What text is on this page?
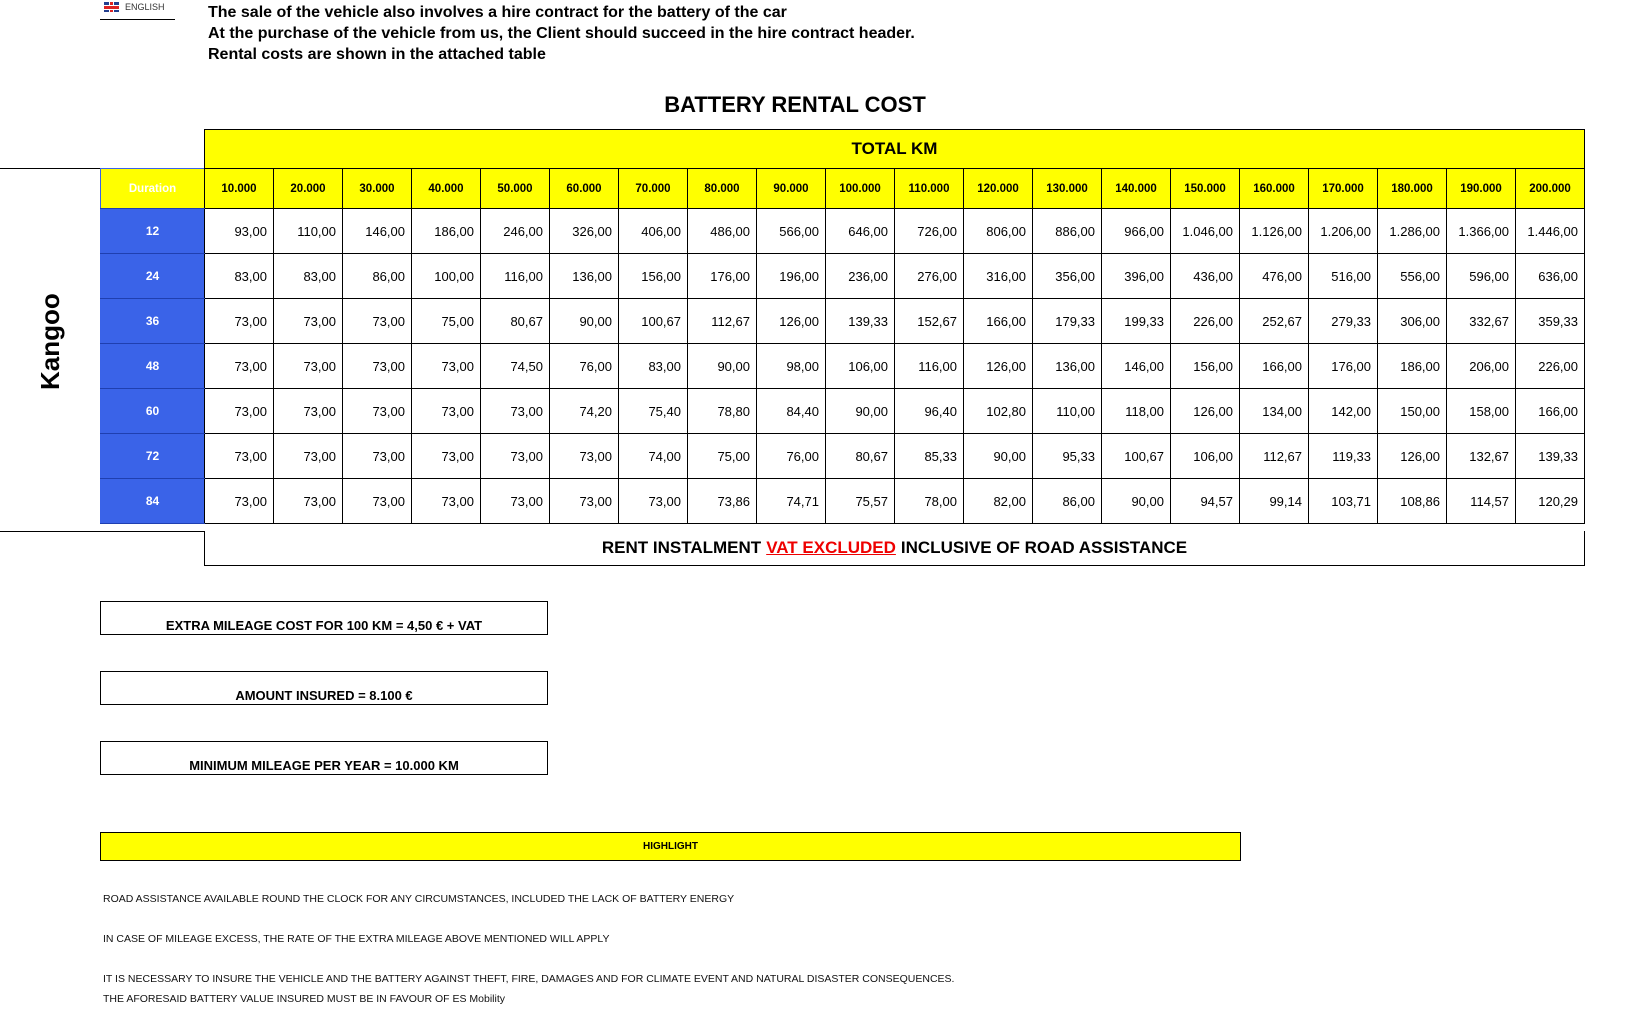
ENGLISH	The sale of the vehicle also involves a hire contract for the battery of the car
At the purchase of the vehicle from us, the Client should succeed in the hire contract header.
Rental costs are shown in the attached table
BATTERY RENTAL COST
TOTAL KM
Kangoo
Duration	10.000	20.000	30.000	40.000	50.000	60.000	70.000	80.000	90.000	100.000	110.000	120.000	130.000	140.000	150.000	160.000	170.000	180.000	190.000	200.000
12	93,00	110,00	146,00	186,00	246,00	326,00	406,00	486,00	566,00	646,00	726,00	806,00	886,00	966,00	1.046,00	1.126,00	1.206,00	1.286,00	1.366,00	1.446,00
24	83,00	83,00	86,00	100,00	116,00	136,00	156,00	176,00	196,00	236,00	276,00	316,00	356,00	396,00	436,00	476,00	516,00	556,00	596,00	636,00
36	73,00	73,00	73,00	75,00	80,67	90,00	100,67	112,67	126,00	139,33	152,67	166,00	179,33	199,33	226,00	252,67	279,33	306,00	332,67	359,33
48	73,00	73,00	73,00	73,00	74,50	76,00	83,00	90,00	98,00	106,00	116,00	126,00	136,00	146,00	156,00	166,00	176,00	186,00	206,00	226,00
60	73,00	73,00	73,00	73,00	73,00	74,20	75,40	78,80	84,40	90,00	96,40	102,80	110,00	118,00	126,00	134,00	142,00	150,00	158,00	166,00
72	73,00	73,00	73,00	73,00	73,00	73,00	74,00	75,00	76,00	80,67	85,33	90,00	95,33	100,67	106,00	112,67	119,33	126,00	132,67	139,33
84	73,00	73,00	73,00	73,00	73,00	73,00	73,00	73,86	74,71	75,57	78,00	82,00	86,00	90,00	94,57	99,14	103,71	108,86	114,57	120,29
RENT INSTALMENT VAT EXCLUDED INCLUSIVE OF ROAD ASSISTANCE
EXTRA MILEAGE COST FOR 100 KM = 4,50 € + VAT
AMOUNT INSURED = 8.100 €
MINIMUM MILEAGE PER YEAR = 10.000 KM
HIGHLIGHT
ROAD ASSISTANCE AVAILABLE ROUND THE CLOCK FOR ANY CIRCUMSTANCES, INCLUDED THE LACK OF BATTERY ENERGY
IN CASE OF MILEAGE EXCESS, THE RATE OF THE EXTRA MILEAGE ABOVE MENTIONED WILL APPLY
IT IS NECESSARY TO INSURE THE VEHICLE AND THE BATTERY AGAINST THEFT, FIRE, DAMAGES AND FOR CLIMATE EVENT AND NATURAL DISASTER CONSEQUENCES.
THE AFORESAID BATTERY VALUE INSURED MUST BE IN FAVOUR OF ES Mobility
